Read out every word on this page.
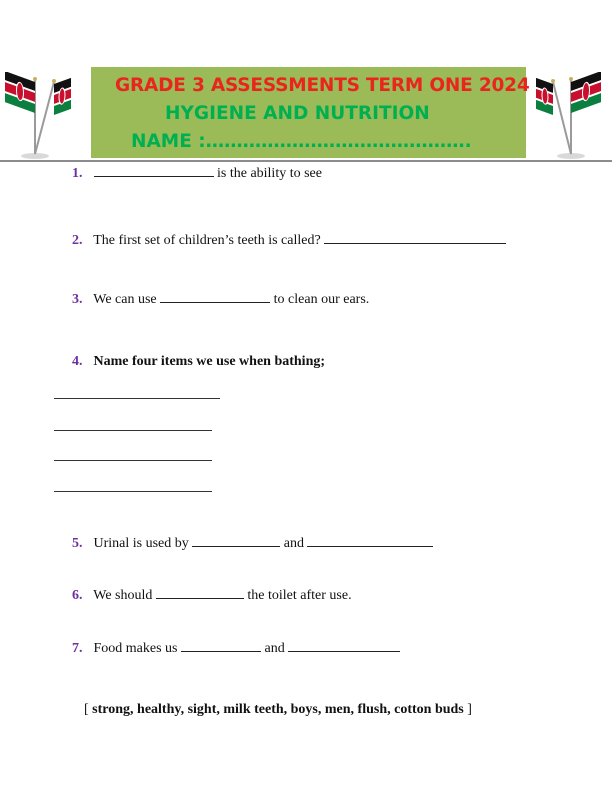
GRADE 3 ASSESSMENTS TERM ONE 2024
HYGIENE AND NUTRITION
NAME :…………………………………….
1.	is the ability to see
2. The first set of children’s teeth is called?
3. We can use	to clean our ears.
4. Name four items we use when bathing;
5. Urinal is used by	and
6. We should	the toilet after use.
7. Food makes us	and
[ strong, healthy, sight, milk teeth, boys, men, flush, cotton buds ]
